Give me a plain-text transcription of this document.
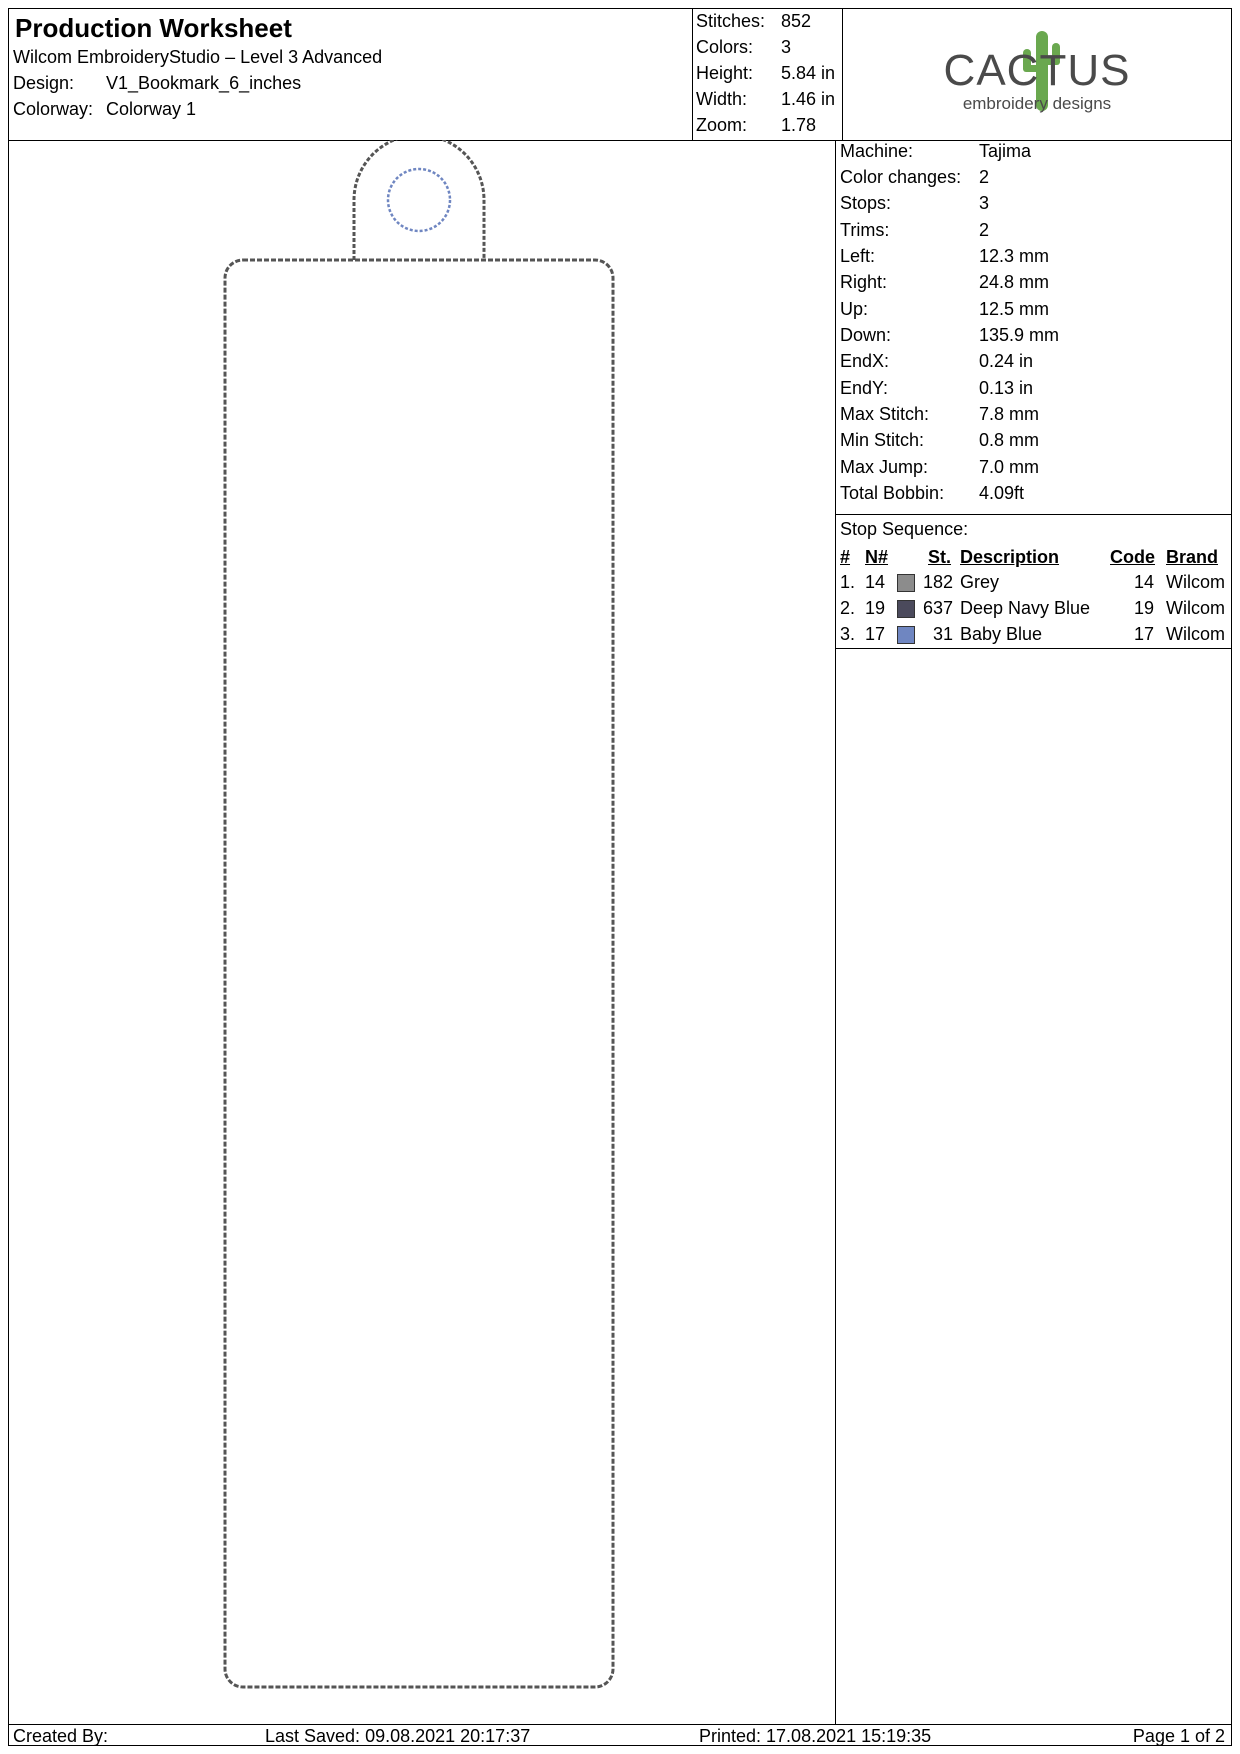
Production Worksheet
Wilcom EmbroideryStudio – Level 3 Advanced
Design: V1_Bookmark_6_inches
Colorway: Colorway 1
Stitches: 852
Colors: 3
Height: 5.84 in
Width: 1.46 in
Zoom: 1.78
CACTUS
embroidery designs
Machine:	Tajima
Color changes: 2
Stops:	3
Trims:	2
Left:	12.3 mm
Right:	24.8 mm
Up:	12.5 mm
Down:	135.9 mm
EndX:	0.24 in
EndY:	0.13 in
Max Stitch:	7.8 mm
Min Stitch:	0.8 mm
Max Jump:	7.0 mm
Total Bobbin: 4.09ft
Stop Sequence:
# N# St. Description	Code Brand
1. 14 182 Grey	14 Wilcom
2. 19 637 Deep Navy Blue	19 Wilcom
3. 17	31 Baby Blue	17 Wilcom
Created By:	Last Saved: 09.08.2021 20:17:37	Printed: 17.08.2021 15:19:35	Page 1 of 2
